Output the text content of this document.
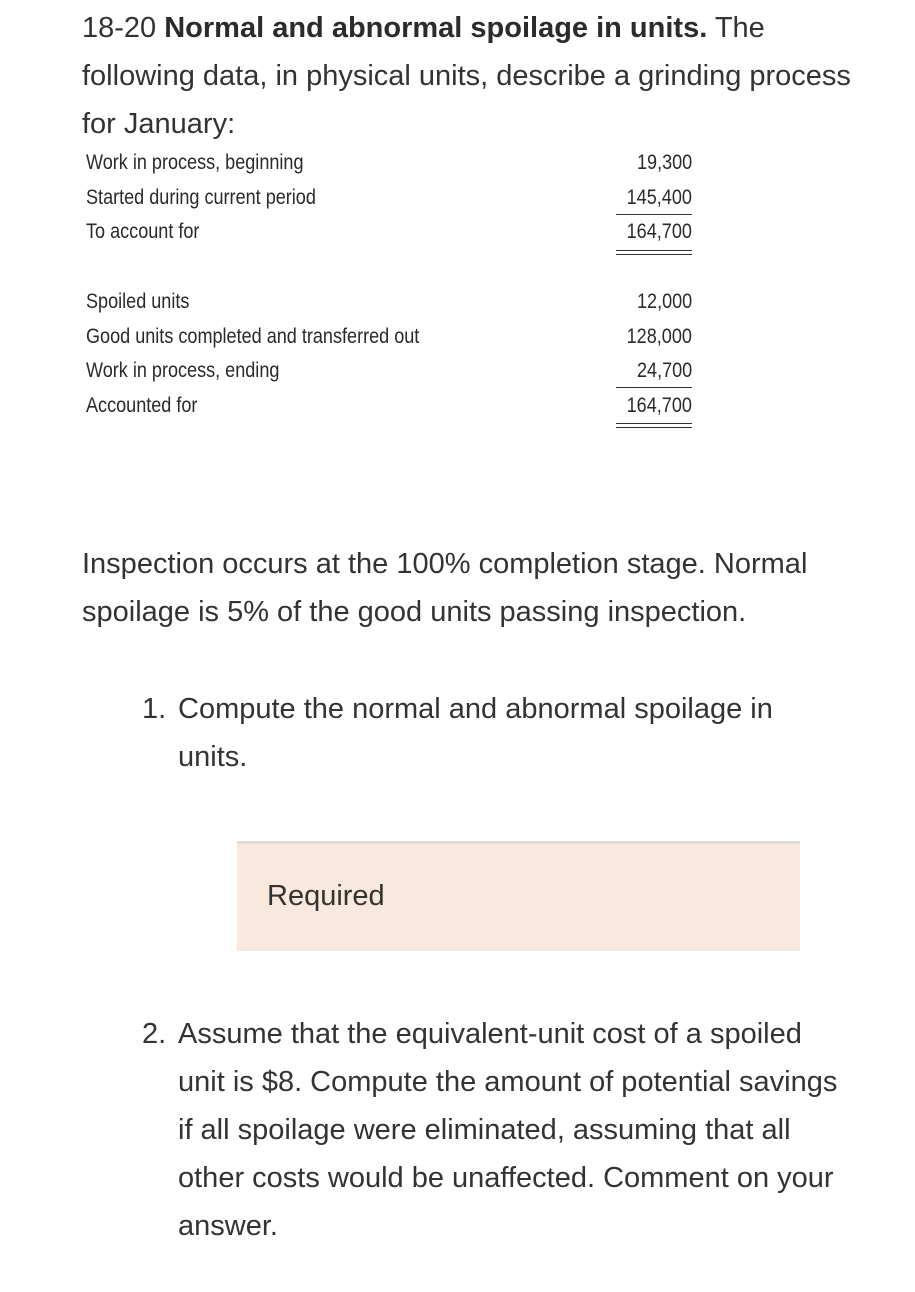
18-20 Normal and abnormal spoilage in units. The following data, in physical units, describe a grinding process for January:
Work in process, beginning	19,300
Started during current period	145,400
To account for	164,700
Spoiled units	12,000
Good units completed and transferred out	128,000
Work in process, ending	24,700
Accounted for	164,700
Inspection occurs at the 100% completion stage. Normal spoilage is 5% of the good units passing inspection.
1. Compute the normal and abnormal spoilage in units.
Required
2. Assume that the equivalent-unit cost of a spoiled unit is $8. Compute the amount of potential savings if all spoilage were eliminated, assuming that all other costs would be unaffected. Comment on your answer.
